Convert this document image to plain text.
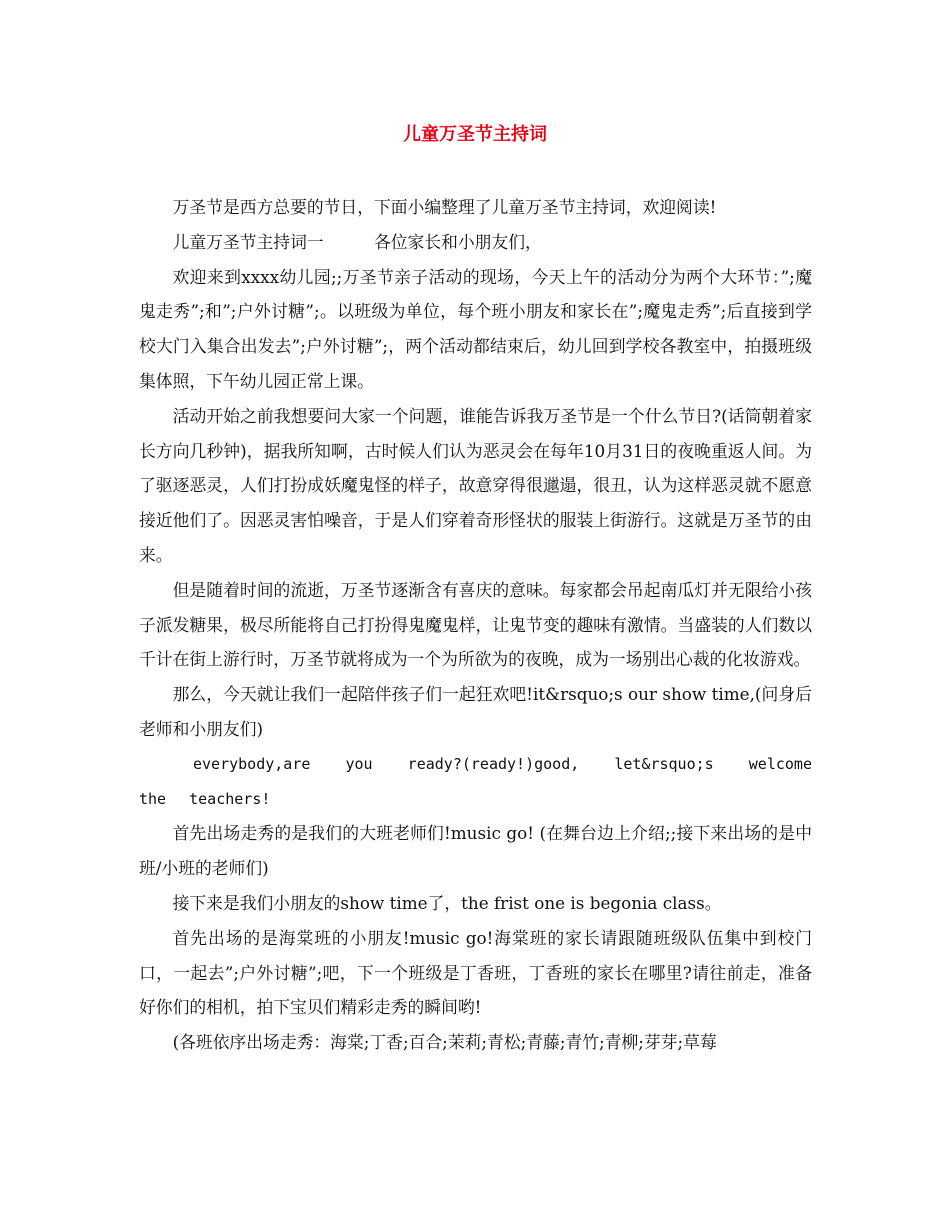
儿童万圣节主持词

万圣节是西方总要的节日，下面小编整理了儿童万圣节主持词，欢迎阅读!

儿童万圣节主持词一　　　各位家长和小朋友们，

欢迎来到xxxx幼儿园;;万圣节亲子活动的现场，今天上午的活动分为两个大环节：”;魔鬼走秀”;和”;户外讨糖”;。以班级为单位，每个班小朋友和家长在”;魔鬼走秀”;后直接到学校大门入集合出发去”;户外讨糖”;，两个活动都结束后，幼儿回到学校各教室中，拍摄班级集体照，下午幼儿园正常上课。

活动开始之前我想要问大家一个问题，谁能告诉我万圣节是一个什么节日?(话筒朝着家长方向几秒钟)，据我所知啊，古时候人们认为恶灵会在每年10月31日的夜晚重返人间。为了驱逐恶灵，人们打扮成妖魔鬼怪的样子，故意穿得很邋遢，很丑，认为这样恶灵就不愿意接近他们了。因恶灵害怕噪音，于是人们穿着奇形怪状的服装上街游行。这就是万圣节的由来。

但是随着时间的流逝，万圣节逐渐含有喜庆的意味。每家都会吊起南瓜灯并无限给小孩子派发糖果，极尽所能将自己打扮得鬼魔鬼样，让鬼节变的趣味有激情。当盛装的人们数以千计在街上游行时，万圣节就将成为一个为所欲为的夜晚，成为一场别出心裁的化妆游戏。

那么，今天就让我们一起陪伴孩子们一起狂欢吧!it&rsquo;s our show time,(问身后老师和小朋友们)

everybody,are you ready?(ready!)good, let&rsquo;s welcome the teachers!

首先出场走秀的是我们的大班老师们!music go! (在舞台边上介绍;;接下来出场的是中班/小班的老师们)

接下来是我们小朋友的show time了，the frist one is begonia class。

首先出场的是海棠班的小朋友!music go!海棠班的家长请跟随班级队伍集中到校门口，一起去”;户外讨糖”;吧，下一个班级是丁香班，丁香班的家长在哪里?请往前走，准备好你们的相机，拍下宝贝们精彩走秀的瞬间哟!

(各班依序出场走秀：海棠;丁香;百合;茉莉;青松;青藤;青竹;青柳;芽芽;草莓
